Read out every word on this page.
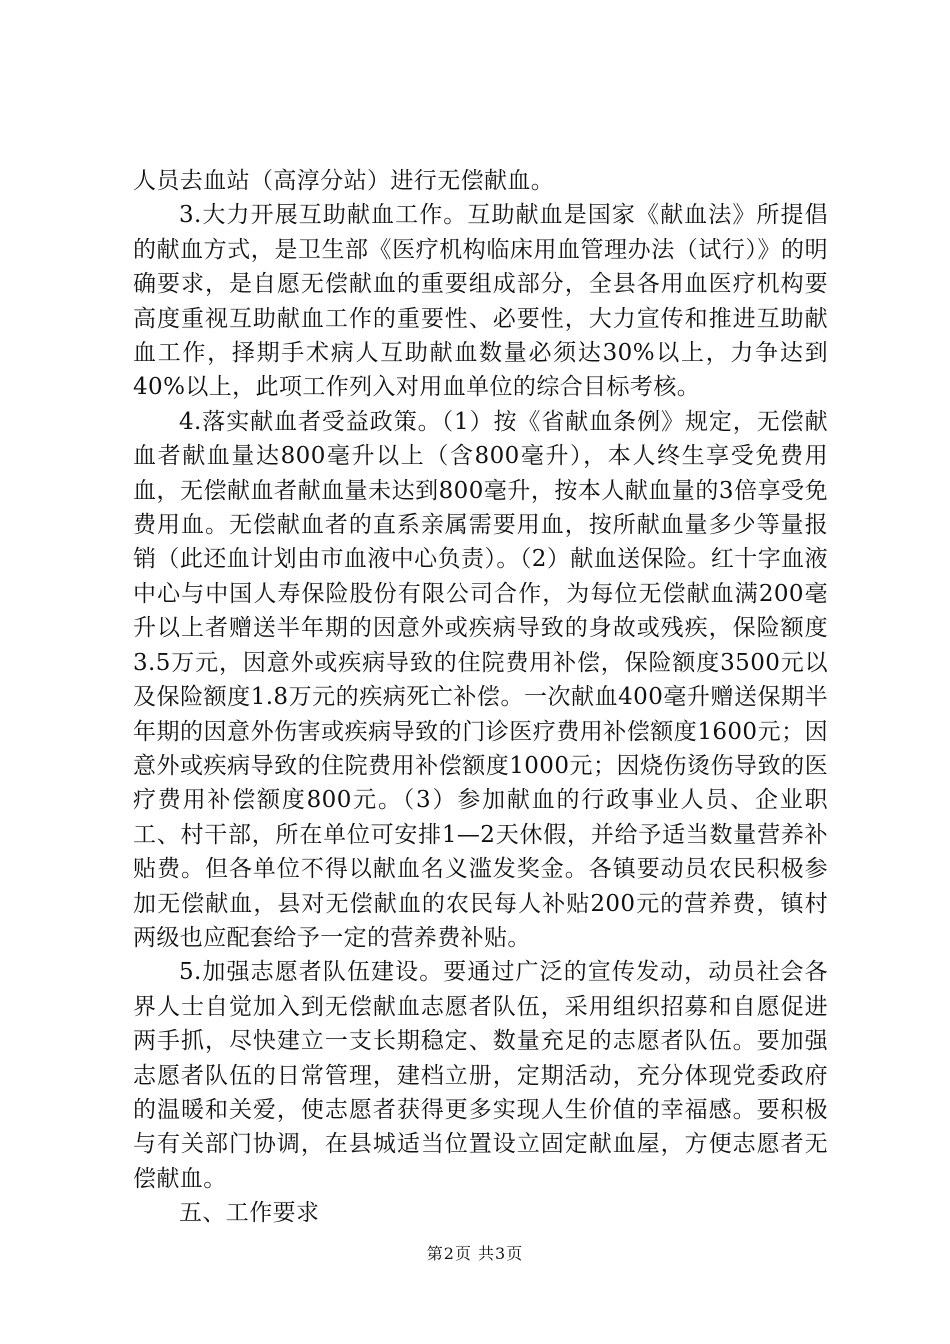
人员去血站（高淳分站）进行无偿献血。

3.大力开展互助献血工作。互助献血是国家《献血法》所提倡的献血方式，是卫生部《医疗机构临床用血管理办法（试行）》的明确要求，是自愿无偿献血的重要组成部分，全县各用血医疗机构要高度重视互助献血工作的重要性、必要性，大力宣传和推进互助献血工作，择期手术病人互助献血数量必须达30%以上，力争达到40%以上，此项工作列入对用血单位的综合目标考核。

4.落实献血者受益政策。（1）按《省献血条例》规定，无偿献血者献血量达800毫升以上（含800毫升），本人终生享受免费用血，无偿献血者献血量未达到800毫升，按本人献血量的3倍享受免费用血。无偿献血者的直系亲属需要用血，按所献血量多少等量报销（此还血计划由市血液中心负责）。（2）献血送保险。红十字血液中心与中国人寿保险股份有限公司合作，为每位无偿献血满200毫升以上者赠送半年期的因意外或疾病导致的身故或残疾，保险额度3.5万元，因意外或疾病导致的住院费用补偿，保险额度3500元以及保险额度1.8万元的疾病死亡补偿。一次献血400毫升赠送保期半年期的因意外伤害或疾病导致的门诊医疗费用补偿额度1600元；因意外或疾病导致的住院费用补偿额度1000元；因烧伤烫伤导致的医疗费用补偿额度800元。（3）参加献血的行政事业人员、企业职工、村干部，所在单位可安排1—2天休假，并给予适当数量营养补贴费。但各单位不得以献血名义滥发奖金。各镇要动员农民积极参加无偿献血，县对无偿献血的农民每人补贴200元的营养费，镇村两级也应配套给予一定的营养费补贴。

5.加强志愿者队伍建设。要通过广泛的宣传发动，动员社会各界人士自觉加入到无偿献血志愿者队伍，采用组织招募和自愿促进两手抓，尽快建立一支长期稳定、数量充足的志愿者队伍。要加强志愿者队伍的日常管理，建档立册，定期活动，充分体现党委政府的温暖和关爱，使志愿者获得更多实现人生价值的幸福感。要积极与有关部门协调，在县城适当位置设立固定献血屋，方便志愿者无偿献血。

五、工作要求

第2页 共3页
